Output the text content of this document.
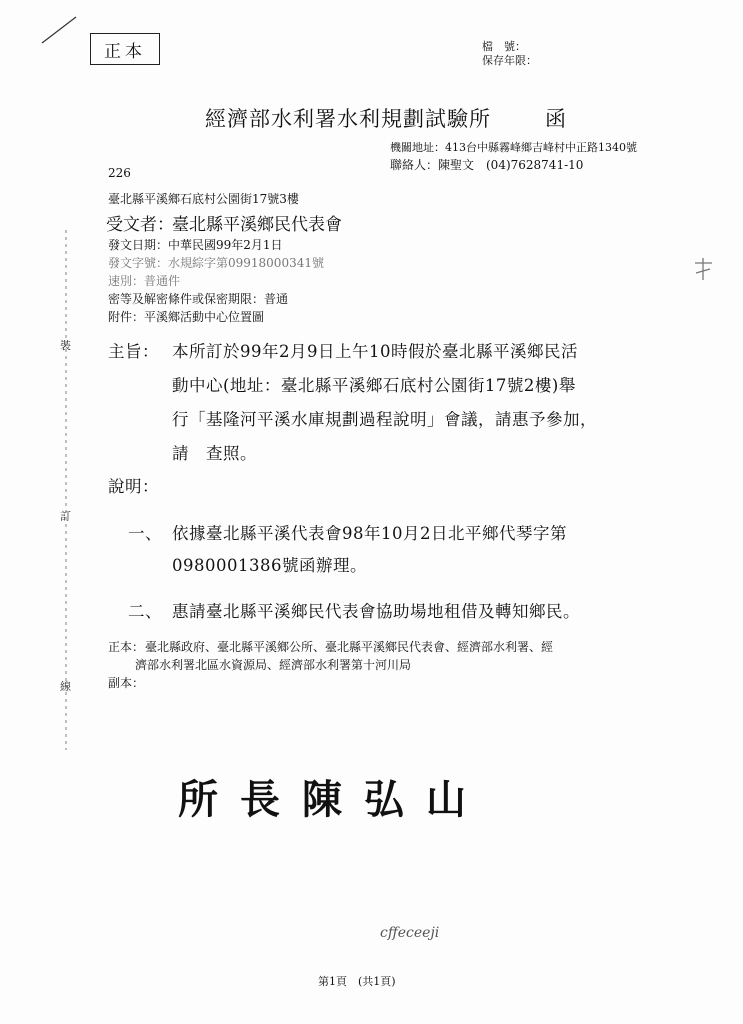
正本	檔　號：
保存年限：
經濟部水利署水利規劃試驗所	函
機關地址：413台中縣霧峰鄉吉峰村中正路1340號
聯絡人：陳聖文　(04)7628741-10
226
臺北縣平溪鄉石底村公園街17號3樓
受文者：
臺北縣平溪鄉民代表會
發文日期：中華民國99年2月1日
發文字號：水規綜字第09918000341號
速別：普通件
密等及解密條件或保密期限：普通
附件：平溪鄉活動中心位置圖
主旨： 本所訂於99年2月9日上午10時假於臺北縣平溪鄉民活
動中心(地址：臺北縣平溪鄉石底村公園街17號2樓)舉
行「基隆河平溪水庫規劃過程說明」會議，請惠予參加，
請　查照。
說明：
一、 依據臺北縣平溪代表會98年10月2日北平鄉代琴字第
0980001386號函辦理。
二、 惠請臺北縣平溪鄉民代表會協助場地租借及轉知鄉民。
正本： 臺北縣政府、臺北縣平溪鄉公所、臺北縣平溪鄉民代表會、經濟部水利署、經
濟部水利署北區水資源局、經濟部水利署第十河川局
副本：
所長陳弘山
cffeceeji
第1頁　(共1頁)
裝
訂
線
